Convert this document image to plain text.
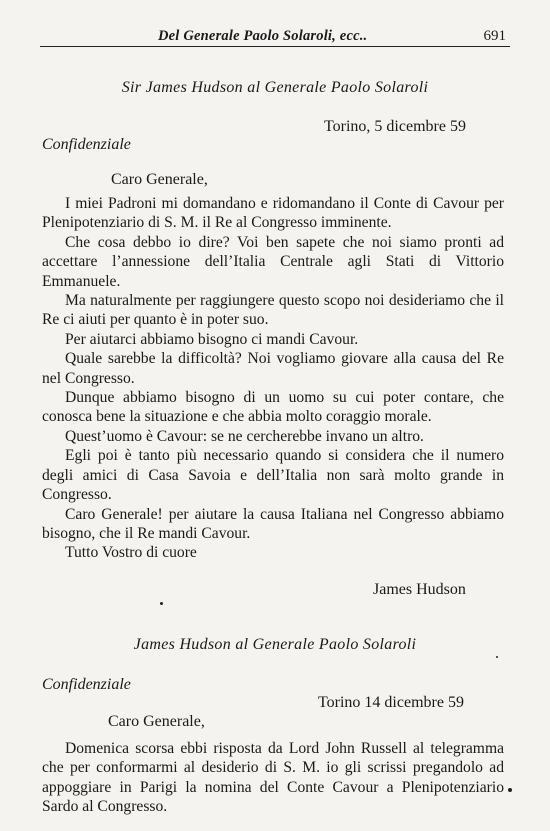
Del Generale Paolo Solaroli, ecc..	691
Sir James Hudson al Generale Paolo Solaroli
Torino, 5 dicembre 59
Confidenziale
Caro Generale,

I miei Padroni mi domandano e ridomandano il Conte di Cavour per Plenipotenziario di S. M. il Re al Congresso imminente.

Che cosa debbo io dire? Voi ben sapete che noi siamo pronti ad accettare l’annessione dell’Italia Centrale agli Stati di Vittorio Emmanuele.

Ma naturalmente per raggiungere questo scopo noi desideriamo che il Re ci aiuti per quanto è in poter suo.

Per aiutarci abbiamo bisogno ci mandi Cavour.

Quale sarebbe la difficoltà? Noi vogliamo giovare alla causa del Re nel Congresso.

Dunque abbiamo bisogno di un uomo su cui poter contare, che conosca bene la situazione e che abbia molto coraggio morale.

Quest’uomo è Cavour: se ne cercherebbe invano un altro.

Egli poi è tanto più necessario quando si considera che il numero degli amici di Casa Savoia e dell’Italia non sarà molto grande in Congresso.

Caro Generale! per aiutare la causa Italiana nel Congresso abbiamo bisogno, che il Re mandi Cavour.

Tutto Vostro di cuore

James Hudson
James Hudson al Generale Paolo Solaroli
Confidenziale
Torino 14 dicembre 59
Caro Generale,

Domenica scorsa ebbi risposta da Lord John Russell al telegramma che per conformarmi al desiderio di S. M. io gli scrissi pregandolo ad appoggiare in Parigi la nomina del Conte Cavour a Plenipotenziario Sardo al Congresso.
